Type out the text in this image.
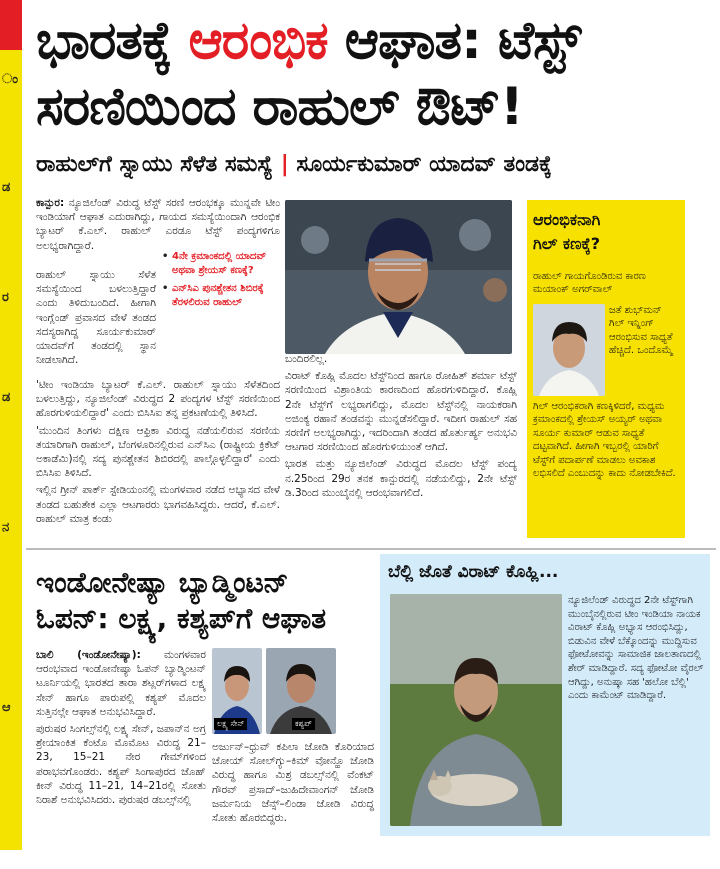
ಂ
ಡ
ರ
ಡ
ನ
ಆ
ಭಾರತಕ್ಕೆ ಆರಂಭಿಕ ಆಘಾತ: ಟೆಸ್ಟ್
ಸರಣಿಯಿಂದ ರಾಹುಲ್ ಔಟ್!
ರಾಹುಲ್‌ಗೆ ಸ್ನಾಯು ಸೆಳೆತ ಸಮಸ್ಯೆ | ಸೂರ್ಯಕುಮಾರ್ ಯಾದವ್ ತಂಡಕ್ಕೆ

ಕಾನ್ಪುರ: ನ್ಯೂಜಿಲೆಂಡ್ ವಿರುದ್ಧ ಟೆಸ್ಟ್ ಸರಣಿ ಆರಂಭಕ್ಕೂ ಮುನ್ನವೇ ಟೀಂ ಇಂಡಿಯಾಗೆ ಆಘಾತ ಎದುರಾಗಿದ್ದು, ಗಾಯದ ಸಮಸ್ಯೆಯಿಂದಾಗಿ ಆರಂಭಿಕ ಬ್ಯಾಟರ್ ಕೆ.ಎಲ್. ರಾಹುಲ್ ಎರಡೂ ಟೆಸ್ಟ್ ಪಂದ್ಯಗಳಿಗೂ ಅಲಭ್ಯರಾಗಿದ್ದಾರೆ.

ರಾಹುಲ್ ಸ್ನಾಯು ಸೆಳೆತ ಸಮಸ್ಯೆಯಿಂದ ಬಳಲುತ್ತಿದ್ದಾರೆ ಎಂದು ತಿಳಿದುಬಂದಿದೆ. ಹೀಗಾಗಿ ಇಂಗ್ಲೆಂಡ್ ಪ್ರವಾಸದ ವೇಳೆ ತಂಡದ ಸದಸ್ಯರಾಗಿದ್ದ ಸೂರ್ಯಕುಮಾರ್ ಯಾದವ್‌ಗೆ ತಂಡದಲ್ಲಿ ಸ್ಥಾನ ನೀಡಲಾಗಿದೆ.

• 4ನೇ ಕ್ರಮಾಂಕದಲ್ಲಿ ಯಾದವ್ ಅಥವಾ ಶ್ರೇಯಸ್ ಕಣಕ್ಕೆ?
• ಎನ್‌ಸಿಎ ಪುನಶ್ಚೇತನ ಶಿಬಿರಕ್ಕೆ ತೆರಳಲಿರುವ ರಾಹುಲ್

'ಟೀಂ ಇಂಡಿಯಾ ಬ್ಯಾಟರ್ ಕೆ.ಎಲ್. ರಾಹುಲ್ ಸ್ನಾಯು ಸೆಳೆತದಿಂದ ಬಳಲುತ್ತಿದ್ದು, ನ್ಯೂಜಿಲೆಂಡ್ ವಿರುದ್ಧದ 2 ಪಂದ್ಯಗಳ ಟೆಸ್ಟ್ ಸರಣಿಯಿಂದ ಹೊರಗುಳಿಯಲಿದ್ದಾರೆ' ಎಂದು ಬಿಸಿಸಿಐ ತನ್ನ ಪ್ರಕಟಣೆಯಲ್ಲಿ ತಿಳಿಸಿದೆ.

'ಮುಂದಿನ ತಿಂಗಳು ದಕ್ಷಿಣ ಆಫ್ರಿಕಾ ವಿರುದ್ಧ ನಡೆಯಲಿರುವ ಸರಣಿಯ ತಯಾರಿಗಾಗಿ ರಾಹುಲ್, ಬೆಂಗಳೂರಿನಲ್ಲಿರುವ ಎನ್‌ಸಿಎ (ರಾಷ್ಟ್ರೀಯ ಕ್ರಿಕೆಟ್ ಅಕಾಡೆಮಿ)ನಲ್ಲಿ ಸದ್ಯ ಪುನಶ್ಚೇತನ ಶಿಬಿರದಲ್ಲಿ ಪಾಲ್ಗೊಳ್ಳಲಿದ್ದಾರೆ' ಎಂದು ಬಿಸಿಸಿಐ ತಿಳಿಸಿದೆ.

ಇಲ್ಲಿನ ಗ್ರೀನ್ ಪಾರ್ಕ್ ಸ್ಟೇಡಿಯಂನಲ್ಲಿ ಮಂಗಳವಾರ ನಡೆದ ಅಭ್ಯಾಸದ ವೇಳೆ ತಂಡದ ಬಹುತೇಕ ಎಲ್ಲಾ ಆಟಗಾರರು ಭಾಗವಹಿಸಿದ್ದರು. ಆದರೆ, ಕೆ.ಎಲ್. ರಾಹುಲ್ ಮಾತ್ರ ಕಂಡು

ಬಂದಿರಲಿಲ್ಲ.

ವಿರಾಟ್ ಕೊಹ್ಲಿ ಮೊದಲ ಟೆಸ್ಟ್‌ನಿಂದ ಹಾಗೂ ರೋಹಿತ್ ಶರ್ಮಾ ಟೆಸ್ಟ್ ಸರಣಿಯಿಂದ ವಿಶ್ರಾಂತಿಯ ಕಾರಣದಿಂದ ಹೊರಗುಳಿದಿದ್ದಾರೆ. ಕೊಹ್ಲಿ 2ನೇ ಟೆಸ್ಟ್‌ಗೆ ಲಭ್ಯರಾಗಲಿದ್ದು, ಮೊದಲ ಟೆಸ್ಟ್‌ನಲ್ಲಿ ನಾಯಕರಾಗಿ ಅಜಿಂಕ್ಯ ರಹಾನೆ ತಂಡವನ್ನು ಮುನ್ನಡೆಸಲಿದ್ದಾರೆ. ಇದೀಗ ರಾಹುಲ್ ಸಹ ಸರಣಿಗೆ ಅಲಭ್ಯರಾಗಿದ್ದು, ಇದರಿಂದಾಗಿ ತಂಡದ ಹೊರ್ತುರ್ಹ್ಯ ಅನುಭವಿ ಆಟಗಾರ ಸರಣಿಯಿಂದ ಹೊರಗುಳಿಯುಂತೆ ಆಗಿದೆ.

ಭಾರತ ಮತ್ತು ನ್ಯೂಜಿಲೆಂಡ್ ವಿರುದ್ಧದ ಮೊದಲ ಟೆಸ್ಟ್ ಪಂದ್ಯ ನ.25ರಿಂದ 29ರ ತನಕ ಕಾನ್ಪುರದಲ್ಲಿ ನಡೆಯಲಿದ್ದು, 2ನೇ ಟೆಸ್ಟ್ ಡಿ.3ರಿಂದ ಮುಂಬೈನಲ್ಲಿ ಆರಂಭವಾಗಲಿದೆ.

ಆರಂಭಿಕನಾಗಿ
ಗಿಲ್ ಕಣಕ್ಕೆ?
ರಾಹುಲ್ ಗಾಯಗೊಂಡಿರುವ ಕಾರಣ ಮಯಾಂಕ್ ಅಗರ್‌ವಾಲ್
ಜತೆ ಶುಭ್‌ಮನ್ ಗಿಲ್ ಇನ್ನಿಂಗ್ ಆರಂಭಿಸುವ ಸಾಧ್ಯತೆ ಹೆಚ್ಚಿದೆ. ಒಂದೊಮ್ಮೆ
ಗಿಲ್ ಆರಂಭಿಕರಾಗಿ ಕಣಕ್ಕಿಳಿದರೆ, ಮಧ್ಯಮ ಕ್ರಮಾಂಕದಲ್ಲಿ ಶ್ರೇಯಸ್ ಅಯ್ಯರ್ ಅಥವಾ ಸೂರ್ಯ ಕುಮಾರ್ ಆಡುವ ಸಾಧ್ಯತೆ ದಟ್ಟವಾಗಿದೆ. ಹೀಗಾಗಿ ಇಬ್ಬರಲ್ಲಿ ಯಾರಿಗೆ ಟೆಸ್ಟ್‌ಗೆ ಪದಾರ್ಪಣೆ ಮಾಡಲು ಅವಕಾಶ ಲಭಿಸಲಿದೆ ಎಂಬುದನ್ನು ಕಾದು ನೋಡಬೇಕಿದೆ.
ಇಂಡೋನೇಷ್ಯಾ ಬ್ಯಾಡ್ಮಿಂಟನ್
ಓಪನ್: ಲಕ್ಷ್ಯ, ಕಶ್ಯಪ್‌ಗೆ ಆಘಾತ

ಬಾಲಿ (ಇಂಡೋನೇಷ್ಯಾ): ಮಂಗಳವಾರ ಆರಂಭವಾದ ಇಂಡೋನೇಷ್ಯಾ ಓಪನ್ ಬ್ಯಾಡ್ಮಿಂಟನ್ ಟೂರ್ನಿಯಲ್ಲಿ ಭಾರತದ ತಾರಾ ಶಟ್ಲರ್‌ಗಳಾದ ಲಕ್ಷ್ಯ ಸೇನ್ ಹಾಗೂ ಪಾರುಪಲ್ಲಿ ಕಶ್ಯಪ್ ಮೊದಲ ಸುತ್ತಿನಲ್ಲೇ ಆಘಾತ ಅನುಭವಿಸಿದ್ದಾರೆ.

ಪುರುಷರ ಸಿಂಗಲ್ಸ್‌ನಲ್ಲಿ ಲಕ್ಷ್ಯ ಸೇನ್, ಜಪಾನ್‌ನ ಅಗ್ರ ಶ್ರೇಯಾಂಕಿತ ಕೆಂಟೊ ಮೊಮೊಟ ವಿರುದ್ಧ 21–23, 15–21 ನೇರ ಗೇಮ್‌ಗಳಿಂದ ಪರಾಭವಗೊಂಡರು. ಕಶ್ಯಪ್ ಸಿಂಗಾಪುರದ ಜೊಹ್ ಕೀನ್ ವಿರುದ್ಧ 11–21, 14–21ರಲ್ಲಿ ಸೋತು ನಿರಾಶೆ ಅನುಭವಿಸಿದರು. ಪುರುಷರ ಡಬಲ್ಸ್‌ನಲ್ಲಿ

ಲಕ್ಷ್ಯ ಸೇನ್	ಕಶ್ಯಪ್

ಅರ್ಜುನ್–ಧ್ರುವ್ ಕಪಿಲಾ ಜೋಡಿ ಕೊರಿಯಾದ ಚೋಯ್ ಸೋಲ್‌ಗ್ಯು–ಕಿಮ್ ವೋನ್ಹೊ ಜೋಡಿ ವಿರುದ್ಧ ಹಾಗೂ ಮಿಶ್ರ ಡಬಲ್ಸ್‌ನಲ್ಲಿ ವೆಂಕಟ್ ಗೌರವ್ ಪ್ರಸಾದ್–ಜುಹಿದೇವಾಂಗನ್ ಜೋಡಿ ಜರ್ಮನಿಯ ಜೆನ್ಸ್–ಲಿಂಡಾ ಜೋಡಿ ವಿರುದ್ಧ ಸೋತು ಹೊರಬಿದ್ದರು.

ಬೆಲ್ಲಿ ಜೊತೆ ವಿರಾಟ್ ಕೊಹ್ಲಿ...
ನ್ಯೂಜಿಲೆಂಡ್ ವಿರುದ್ಧದ 2ನೇ ಟೆಸ್ಟ್‌ಗಾಗಿ ಮುಂಬೈನಲ್ಲಿರುವ ಟೀಂ ಇಂಡಿಯಾ ನಾಯಕ ವಿರಾಟ್ ಕೊಹ್ಲಿ ಅಭ್ಯಾಸ ಆರಂಭಿಸಿದ್ದು, ಬಿಡುವಿನ ವೇಳೆ ಬೆಕ್ಕೊಂದನ್ನು ಮುದ್ದಿಸುವ ಫೋಟೋವನ್ನು ಸಾಮಾಜಿಕ ಜಾಲತಾಣದಲ್ಲಿ ಶೇರ್ ಮಾಡಿದ್ದಾರೆ. ಸದ್ಯ ಫೋಟೋ ವೈರಲ್ ಆಗಿದ್ದು, ಅನುಷ್ಕಾ ಸಹ 'ಹಲೋ ಬೆಲ್ಲಿ' ಎಂದು ಕಾಮೆಂಟ್ ಮಾಡಿದ್ದಾರೆ.
